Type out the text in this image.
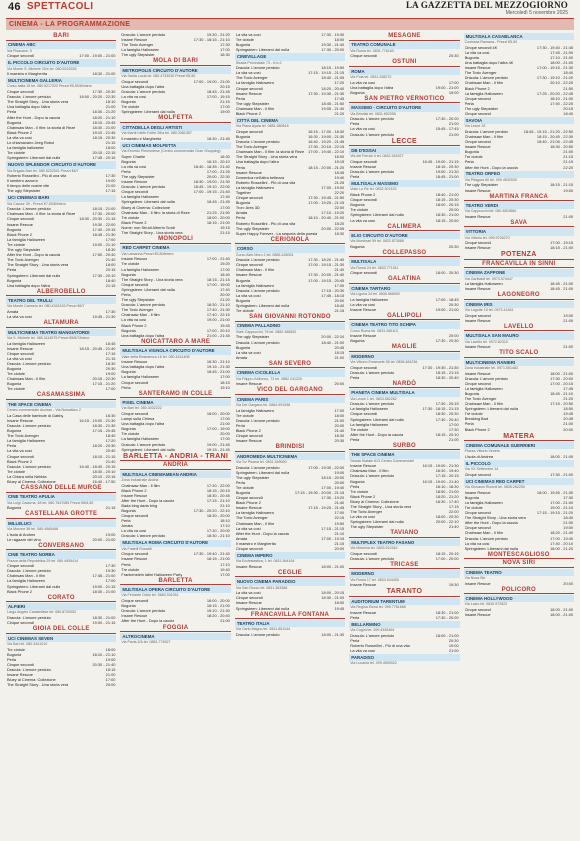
46 SPETTACOLI	LA GAZZETTA DEL MEZZOGIORNO
Mercoledì 5 novembre 2025
CINEMA - LA PROGRAMMAZIONE
BARI
CINEMA ABC
Via Pisacane, 5
Cinque secondi	17:00 - 19:00 - 21:00
IL PICCOLO CIRCUITO D'AUTORE
Via Monte S. Michele 20/c tel. 080.5219225
Il maestro e Margherita	18:30 - 21:00
MULTICINEMA GALLERIA
Corso Italia 15 tel. 080.5217222 Prezzi €5,50/8/intero
Cinque secondi	17:30 - 20:30
Dracula: L'amore perduto	18:00 - 20:20 - 22:30
The Straight Story - Una storia vera	18:10
Una battaglia dopo l'altra	21:00
Perla	18:30 - 21:20
After the Hunt - Dopo la caccia	18:20 - 21:10
Bugonia	18:15 - 20:45
Chainsaw Man - Il film: la storia di Reze	18:30 - 21:00
Black Phone 2	19:10 - 21:45
La vita va così	18:15 - 20:30
Lo chiamavano Jeeg Robot	21:15
La famiglia halloween	18:00
Tre ciotole	20:15 - 22:15
Springsteen: Liberami dal nulla	17:45 - 20:15
NUOVO SPLENDOR CIRCUITO D'AUTORE
Via Brigata Bari tel. 080.5232541 Prezzi €6/7
Roberto Rossellini - Più di una vita	17:30
Il sentiero azzurro	19:00
Il tempo delle nostre vite	21:00
The ugly Stepsister	17:15
UCI CINEMAS BARI
Via Cavour 39 - Prezzi €7,50/8/intero
Dracula: L'amore perduto	18:15 - 21:00
Chainsaw Man - Il film: la storia di Reze	17:30 - 20:00
Cinque secondi	18:30 - 20:30 - 21:15
Insane Rescue	19:30 - 22:00
Bugonia	17:40 - 20:15
Black Phone 2	18:45 - 21:30
La famiglia Halloween	17:00
Tre ciotole	19:00 - 21:10
The ugly Stepsister	18:30
After the Hunt - Dopo la caccia	17:50 - 20:40
The Toxic Avenger	21:40
The Straight Story - Una storia vera	18:00
Perla	20:15
Springsteen: Liberami dal nulla	17:30 - 20:10
Bugonia	18:40
Una battaglia dopo l'altra	21:15
ALBEROBELLO
TEATRO DEL TRULLI
Via Monte Carmelo tel. 080.4324153 Prezzi €6/7
Amata	17:30
La vita va così	19:45 - 21:30
ALTAMURA
MULTICINEMA TEATRO MANGIATORDI
Via S. Michele tel. 080.3114575 Prezzi €5/6/7/intero
La famiglia Halloween	18:45
Insane Rescue	18:15 - 20:45 - 21:40
Cinque secondi	17:15
La vita va così	21:15
Dracula: L'amore perduto	18:30
Bugonia	20:30
Tre ciotole	19:00
Chainsaw Man - Il film	20:15 - 22:30
Bugonia	17:15 - 21:20
Tre ciotole	17:00
CASAMASSIMA
THE SPACE CINEMA
Centro commerciale Auchan - Via Noicattaro 2
La Casa delle bambole di Gabby	16:30
Insane Rescue	16:15 - 19:00 - 21:30
Dracula: L'amore perduto	18:30 - 21:30
Bugonia	17:15 - 20:45
The Toxic Avenger	18:40
La famiglia Halloween	17:20
Perla	18:20 - 20:30
La vita va così	20:40
Cinque secondi	18:15 - 21:15
Black Phone 2	21:40
Dracula: L'amore perduto	16:40 - 18:40 - 20:15
Tre ciotole	18:30 - 20:10
La Chiara nella Nebbia	20:10 - 22:15
Bluey al Cinema: Collezione	16:40 - 17:50
CASSANO DELLE MURGE
CINE TEATRO APULIA
Via Luigi Cadorna, 48 tel. 080.7647085 Prezzi €6/6,50
Bugonia	21:15
CASTELLANA GROTTE
MILLELUCI
Via Morone 36 tel. 080.4965468
L'isola di Andrea	19:00
Le ragazze del vino	20:00 - 21:00
CONVERSANO
CINE TEATRO NORBA
Piazza della Repubblica 29 tel. 080.4955414
Cinque secondi	17:30
Dracula: L'amore perduto	19:30
Chainsaw Man - Il film	17:45 - 21:00
La famiglia Halloween	17:00
Springsteen: Liberami dal nulla	19:00 - 21:15
Black Phone 2	18:30 - 21:00
CORATO
ALFIERI
Largo Angelo Carabellese tel. 080.8720052
Dracula: L'amore perduto	18:30 - 21:00
Cinque secondi	19:00 - 21:15
GIOIA DEL COLLE
UCI CINEMAS SEVEN
Via Bari tel. 080.3441010
Tre ciotole	18:00
Bugonia	18:10 - 21:10
Perla	19:00
Cinque secondi	20:30 - 21:40
Dracula: L'amore perduto	18:15
Insane Rescue	21:00
Bluey al Cinema: Collezione	17:00
The Straight Story - Una storia vera	20:00
Dracula: L'amore perduto	19:30 - 21:20
Insane Rescue	17:30 - 18:15 - 21:10
The Toxic Avenger	17:30
La famiglia Halloween	17:00
The ugly Stepsister	18:30
MOLA DI BARI
METROPOLIS CIRCUITO D'AUTORE
Via Santa Lucia tel. 080.4733030 Prezzi €5,50
Cinque secondi	17:00 - 19:00 - 21:00
Una battaglia dopo l'altra	20:15
Dracula: L'amore perduto	18:45 - 21:45
La vita va così	17:00 - 19:15
Bugonia	21:15
Tre ciotole	17:00
Springsteen: Liberami dal nulla	19:00
MOLFETTA
CITTADELLA DEGLI ARTISTI
Via Martiri delle Foibe 28/a tel. 080.3381357
Il maestro e Margherita	18:30 - 21:45
UCI CINEMAS MOLFETTA
Via Ernesto Piemontese (Centro commerciale Gran Shopping)
Super Charlie	16:30
Bugonia	16:15 - 20:10
La vita va così	16:40 - 18:35 - 21:40
Perla	17:00 - 21:25
The ugly Stepsister	20:00 - 22:30
Insane Rescue	16:30 - 19:00 - 21:30
Dracula: L'amore perduto	16:45 - 19:10 - 22:00
Cinque secondi	17:00 - 19:15 - 21:40
La famiglia Halloween	17:40
Springsteen: Liberami dal nulla	18:45 - 21:45
Bluey al Cinema: Collezione	17:00
Chainsaw Man - Il film: la storia di Reze	21:25 - 21:50
Tre ciotole	18:00 - 20:00
Black Phone 2	18:15 - 21:00
Nome: non Strudi Alberto Sordi	19:15
The Straight Story - Una storia vera	21:15
MONOPOLI
RED CARPET CINEMA
Via Lamanna Prezzi €5,50/intero
Insane Rescue	17:00 - 21:40
Tre ciotole	19:20
La famiglia Halloween	17:00
Bugonia	18:40
The Straight Story - Una storia vera	18:15 - 21:15
Cinque secondi	17:00 - 19:00
Springsteen: Liberami dal nulla	17:40
Perla	20:00
The ugly Stepsister	21:20
Dracula: L'amore perduto	18:30 - 21:10
The Toxic Avenger	17:40 - 21:30
Chainsaw Man - Il film	17:40 - 22:15
La vita va così	19:00 - 21:00
Black Phone 2	19:45
Bugonia	17:00 - 20:10
Una battaglia dopo l'altra	21:00 - 21:45
NOICATTARO A MARE
MULTISALA VIGNOLA CIRCUITO D'AUTORE
Viale della Resistenza 16 tel. 080.4241408
Insane Rescue	16:30 - 21:10
Una battaglia dopo l'altra	19:15 - 21:30
Bugonia	18:45 - 21:00
La famiglia Halloween	17:00
Cinque secondi	18:15
Perla	19:10
SANTERAMO IN COLLE
PIXEL CINEMA
Via Bari tel. 080.3032222
Cinque secondi	18:00 - 20:00
Lampi sulla Chiesa	17:00
Una battaglia dopo l'altra	21:00
Bugonia	17:00 - 19:00
Tre ciotole	20:00
La famiglia Halloween	17:00
Dracula: L'amore perduto	19:00 - 21:45
Springsteen: Liberami dal nulla	19:15 - 21:45
BARLETTA - ANDRIA - TRANI
ANDRIA
MULTISALA CINEMAMEAN ANDRIA
Zona Industriale Andria
Chainsaw Man - Il film	17:30 - 22:00
Black Phone 2	18:15 - 20:15
Insane Rescue	18:30 - 20:45
After the Hunt - Dopo la caccia	17:15 - 21:10
Bada bing dada bing	21:10
Bugonia	17:30 - 20:20 - 22:10
Cinque secondi	18:30 - 20:00
Perla	18:10
Amata	17:10
La vita va così	17:30 - 20:00
Dracula: L'amore perduto	18:30 - 21:10
MULTISALA ROMA CIRCUITO D'AUTORE
Via Fratelli Rosselli
Cinque secondi	17:30 - 19:40 - 21:40
Insane Rescue	18:15 - 21:00
Perla	17:10
Tre ciotole	19:40
Frankenstein latini Halloween Party	17:00
BARLETTA
MULTISALA OPERA CIRCUITO D'AUTORE
Via Ferrante Oddo tel. 0883.531051
Cinque secondi	18:00 - 20:00
Bugonia	18:15 - 21:00
Dracula: L'amore perduto	19:10 - 21:30
Insane Rescue	18:20 - 20:40
After the Hunt - Dopo la caccia	21:00
FOGGIA
ALTROCINEMA
Via Pavia 2/A tel. 0881.774527
La vita va così	17:30 - 19:30
Tre ciotole	18:00
Bugonia	19:30 - 21:40
Springsteen: Liberami dal nulla	17:30 - 20:00
CINEVILLAGE
Strada Provinciale 73 - Km 2
Dracula: L'amore perduto	18:15 - 19:50
La vita va così	17:15 - 19:15 - 21:15
The Toxic Avenger	18:40 - 21:05
La famiglia Halloween	17:20
Cinque secondi	18:20 - 20:40
Insane Rescue	17:30 - 19:30 - 21:30
Perla	17:45
The ugly Stepsister	18:45 - 21:50
Chainsaw Man - Il film	19:05 - 21:40
Black Phone 2	21:20
CITTÀ DEL CINEMA
Via Piana Ayala tel. 0881.580618
Cinque secondi	16:15 - 17:00 - 18:30
Bugonia	16:30 - 19:00 - 21:30
Dracula: L'amore perduto	16:40 - 19:20 - 21:45
The Toxic Avenger	17:30 - 20:15 - 22:15
Chainsaw Man - Il film: la storia di Reze	17:00 - 19:40 - 22:10
The Straight Story - Una storia vera	16:00
Una battaglia dopo l'altra	19:15
Perla	18:15 - 20:00 - 21:20
Insane Rescue	18:45
Domenica nell'altra bellezza	19:40
Roberto Rossellini - Più di una vita	21:25
La famiglia Halloween	17:00 - 19:00
Together	22:20
Cinque secondi	17:30 - 19:45 - 21:50
Bugonia	17:00 - 19:25 - 21:15
Tron: Ares 3D	22:00
Amata	17:10 - 19:20
Perla	18:10 - 20:40 - 21:00
Roberto Rossellini - Più di una vita	18:20
The ugly Stepsister	20:00 - 22:05
Super Happy Forever - La sequela della poesia	18:30
CERIGNOLA
CORSO
Corso Aldo Moro 2 tel. 0885.428004
Dracula: L'amore perduto	17:30 - 18:20 - 21:40
Cinque secondi	17:00 - 19:15 - 21:30
Chainsaw Man - Il film	21:40
Insane Rescue	17:30 - 20:00 - 21:40
Bugonia	17:00 - 19:15 - 20:45
La famiglia Halloween	17:00
Dracula: L'amore perduto	17:15 - 20:30
La vita va così	17:45 - 18:15
Bugonia	20:00
Springsteen: Liberami dal nulla	18:40
Tre ciotole	21:15
SAN GIOVANNI ROTONDO
CINEMA PALLADINO
Viale Cappuccini, 76 tel. 0882.456520
The ugly Stepsister	20:00 - 22:10
Dracula: L'amore perduto	18:40 - 21:00
Bugonia	20:45
La vita va così	18:15
Amata	21:00
SAN SEVERO
CINEMA CICOLELLA
Via Filippo d'Alfonso, 73 tel. 0882.241220
Insane Rescue	20:00
VICO DEL GARGANO
CINEMA PARIS
Via Del Gargano tel. 0884.991098
La famiglia Halloween	17:00
Tre ciotole	18:00
Dracula: L'amore perduto	21:00
Perla	20:00
Black Phone 2	21:40
Cinque secondi	18:30
Insane Rescue	20:30
BRINDISI
ANDROMEDA MULTICINEMA
Via Tor Pisana tel. 0831.549000
Dracula: L'amore perduto	17:00 - 19:30 - 22:00
Springsteen: Liberami dal nulla	19:00
The ugly Stepsister	18:15 - 20:00
Perla	20:00
Tre ciotole	17:00 - 19:40
Bugonia	17:15 - 19:30 - 20:00 - 21:15
Cinque secondi	17:30 - 19:20
Black Phone 2	21:40
Insane Rescue	17:15 - 19:25 - 21:45
La famiglia Halloween	17:00
The Toxic Avenger	22:15
Chainsaw Man - Il film	19:50
La vita va così	17:15 - 21:15
After the Hunt - Dopo la caccia	21:10
Amata	17:00 - 19:15
Il maestro e Margherita	21:15
Cinque secondi	20:00
CINEMA IMPERO
Via Ecclesiastica, 1 tel. 0831.564164
Insane Rescue	18:00 - 21:00
CEGLIE
NUOVO CINEMA PARADISO
Via San Rocco tel. 0831.383388
La vita va così	18:00 - 20:15
Cinque secondi	18:30 - 21:00
Insane Rescue	18:00
Springsteen: Liberami dal nulla	19:45
FRANCAVILLA FONTANA
TEATRO ITALIA
Via Carlo Magno tel. 0831.851144
Dracula: L'amore perduto	18:00 - 21:30
MESAGNE
TEATRO COMUNALE
Via Roma tel. 0831.776183
Cinque secondi	20:30
OSTUNI
ROMA
Via Pola tel. 0831.338272
La vita va così	17:00
Una battaglia dopo l'altra	19:00 - 21:00
Bugonia	19:00
SAN PIETRO VERNOTICO
MASSIMO - CIRCUITO D'AUTORE
Via Brindisi tel. 0831.652055
Dracula: L'amore perduto	17:30 - 20:00
Perla	21:00
La vita va così	15:45 - 17:45
Dracula: L'amore perduto	21:00
LECCE
DB D'ESSAI
Via dei Ferrari 4 tel. 0832.345327
Cinque secondi	16:45 - 19:00 - 21:15
Insane Rescue	18:15 - 20:30
Dracula: L'amore perduto	19:00 - 21:30
Perla	18:45 - 21:00
MULTISALA MASSIMO
Viale Lo Re tel. 0832.307433
Black Phone 2	18:40 - 21:00
Cinque secondi	18:15 - 20:30
Bugonia	18:00 - 20:15
Tre ciotole	20:00
Springsteen: Liberami dal nulla	18:30 - 21:00
La vita va così	18:15 - 20:50
CALIMERA
ELIO CIRCUITO D'AUTORE
Via Montinari 59 tel. 0832.873086
Bugonia	20:30
COLLEPASSO
MULTISALA
Via Roma 24 tel. 0833.771511
Cinque secondi	18:00 - 20:30
GALATINA
CINEMA TARTARO
Via Liguria 24 tel. 0836.566592
La famiglia Halloween	17:00 - 18:45
La vita va così	20:30
Insane Rescue	19:00 - 21:00
GALLIPOLI
CINEMA TEATRO TITO SCHIPA
Corso Roma tel. 0833.266113
Insane Rescue	20:00
Bugonia	17:30 - 20:30
MAGLIE
MODERNO
Via Vittorio Emanuele 55 tel. 0836.484236
Cinque secondi	17:30 - 19:30 - 21:30
Dracula: L'amore perduto	18:15 - 21:15
Perla	18:30 - 20:40
NARDÒ
PIANETA CINEMA MULTISALA
Via Lecce 1 tel. 0833.562262
Dracula: L'amore perduto	17:30 - 20:15
La famiglia Halloween	17:30 - 18:15 - 21:15
Cinque secondi	18:30 - 20:30
Springsteen: Liberami dal nulla	17:30 - 20:40
La famiglia Halloween	17:00
Tre ciotole	17:30
After the Hunt - Dopo la caccia	18:15 - 20:10
Perla	21:00
SURBO
THE SPACE CINEMA
Strada Statale 613 Centro Commerciale
Insane Rescue	16:15 - 19:00 - 21:30
Chainsaw Man - Il film	16:30 - 19:40
Dracula: L'amore perduto	17:15 - 20:15
Bugonia	16:15 - 19:00 - 21:40
Perla	16:10 - 18:30
Tre ciotole	18:50 - 21:00
Black Phone 2	18:20 - 21:20
Bluey al Cinema: Collezione	16:30 - 17:40
The Straight Story - Una storia vera	17:15
The Toxic Avenger	22:00
La vita va così	18:00 - 20:30
Springsteen: Liberami dal nulla	20:00 - 22:10
The ugly Stepsister	21:40
TAVIANO
MULTIPLEX TEATRO FASANO
Via Messina tel. 0833.912342
Cinque secondi	18:15 - 20:15
Dracula: L'amore perduto	17:00 - 20:00
TRICASE
MODERNO
Via Roma 17 tel. 0833.544405
Insane Rescue	19:30
TARANTO
AUDITORIUM TARENTUM
Via Regina Elena tel. 099.7761666
Insane Rescue	18:30 - 21:00
Perla	17:30 - 20:00
BELLARMINO
Via Cugini tel. 099.4535464
Dracula: L'amore perduto	18:00 - 21:00
Perla	20:30
Roberto Rossellini - Più di una vita	19:00
La vita va così	21:00
PARADISO
Via Lucania tel. 099.4599022
MULTISALA CASABLANCA
Contrada Ramana - Prezzi €5,50
Cinque secondi 4K	17:30 - 19:40 - 21:45
La vita va così	17:45 - 21:00
Bugonia	17:10 - 21:00
Una battaglia dopo l'altra 4K	18:00 - 21:00
Insane Rescue	17:00 - 19:15 - 21:30
The Toxic Avenger	18:40
Dracula: L'amore perduto	17:30 - 19:10 - 21:20
Chainsaw Man - Il film	20:10 - 22:20
Black Phone 2	21:50
La famiglia Halloween	17:25 - 20:20 - 22:45
Cinque secondi	18:10 - 21:00
Perla	17:40 - 22:25
The ugly Stepsister	20:15
Cinque secondi	18:40
SAVOIA
Via Lecce 15
Dracula: L'amore perduto	18:45 - 19:15 - 21:20 - 22:50
Chainsaw Man - Il film	18:15 - 20:45 - 22:30
Cinque secondi	18:40 - 21:05 - 22:45
Insane Rescue	18:30 - 20:50
Bugonia	21:00
Tre ciotole	21:15
Perla	21:15
After the Hunt - Dopo la caccia	22:20
TEATRO ORFEO
Via Pitagora 80 tel. 099.4532030
The ugly Stepsister	18:15 - 21:15
Insane Rescue	19:00
MARTINA FRANCA
TEATRO VERDI
Via Cappuccini tel. 080.4802680
Insane Rescue	21:00
SAVA
VITTORIA
Via Vittorio tel. 099.9726270
Cinque secondi	17:00 - 19:15
Insane Rescue	18:15 - 21:00
POTENZA
FRANCAVILLA IN SINNI
CINEMA ZAPPONE
Via Garibaldi tel. 0973.574447
La famiglia Halloween	18:45 - 21:00
Insane Rescue	18:45 - 21:00
LAGONEGRO
CINEMA IRIS
Via Lagotte 15 tel. 0973.41461
Cinque secondi	19:00
Insane Rescue	21:00
LAVELLO
MULTISALA SAN MAURO
Via Lavello tel. 0972.82310
Insane Rescue	21:00
TITO SCALO
MULTICINEMA RANIERI
Zona industriale tel. 0971.651483
Insane Rescue	18:00 - 21:00
Dracula: L'amore perduto	17:30 - 20:00
Cinque secondi	17:00 - 20:15
La famiglia Halloween	17:45
Bugonia	18:45 - 21:10
The Toxic Avenger	21:20
Chainsaw Man - Il film	17:15 - 20:50
Springsteen: Liberami dal nulla	18:50
Tre ciotole	19:45
Breaking Bad	20:45
Perla	21:00
Black Phone 2	20:00
MATERA
CINEMA COMUNALE GUERRIERI
Piazza Vittorio Veneto
L'isola di Andrea	18:00 - 21:00
IL PICCOLO
Via XX Settembre 14
Cinque secondi	17:30 - 21:00
UCI CINEMAS RED CARPET
Via Giovanni Ricordi tel. 0835.262200
Insane Rescue	18:00 - 19:45 - 21:30
Bugonia	17:30
La famiglia Halloween	17:00 - 21:00
Tre ciotole	19:00 - 21:10
Cinque secondi	17:15 - 19:15 - 21:20
The Straight Story - Una storia vera	18:40
After the Hunt - Dopo la caccia	21:00
Cinque secondi	19:00
Chainsaw Man - Il film	18:20 - 21:40
Dracula: L'amore perduto	17:00 - 19:40
La vita va così	17:40 - 20:10
Springsteen: Liberami dal nulla	18:00 - 21:20
MONTESCAGLIOSO
NOVA SIRI
CINEMA TEATRO
Via Nova Siri
Insane Rescue	20:00
POLICORO
CINEMA HOLLYWOOD
Via Lazio tel. 0835.972522
Cinque secondi	18:00 - 21:00
Insane Rescue	18:00 - 21:00
